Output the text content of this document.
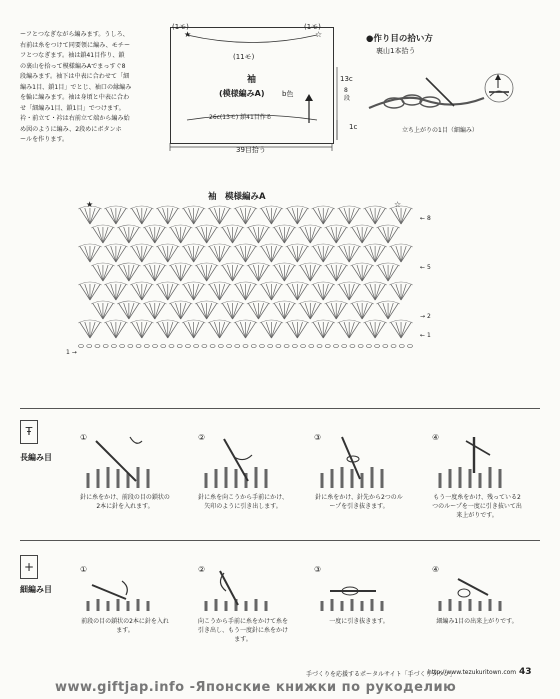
ーフとつなぎながら編みます。うしろ、
右前は糸をつけて同要領に編み、モチー
フとつなぎます。袖は鎖41目作り、鎖
の裏山を拾って模様編みAでまっすぐ8
段編みます。袖下は中表に合わせて「細
編み1目、鎖1目」でとじ、袖口の縁編み
を輪に編みます。袖は身頃と中表に合わ
せ「細編み1目、鎖1目」でつけます。
衿・前立て・衿は右前立て端から編み始
め図のように編み、2段めにボタンホ
ールを作ります。
★	☆
(11モ)
袖
(模様編みA) b色
26c(13モ) 鎖41目作る
(1モ)	(1モ)
13c
8段
1c
39目拾う
●作り目の拾い方
裏山1本拾う
立ち上がりの1目（細編み）
袖　模様編みA
★	☆
← 8
← 5
→ 2
← 1
1 →
Ŧ
長編み目
①
針に糸をかけ、前段の目の鎖状の2本に針を入れます。
②
針に糸を向こうから手前にかけ、矢印のように引き出します。
③
針に糸をかけ、針先から2つのループを引き抜きます。
④
もう一度糸をかけ、残っている2つのループを一度に引き抜いて出来上がりです。
+
細編み目
①
前段の目の鎖状の2本に針を入れます。
②
向こうから手前に糸をかけて糸を引き出し、もう一度針に糸をかけます。
③
一度に引き抜きます。
④
細編み1目の出来上がりです。
手づくりを応援するポータルサイト「手づくりタウン」
http://www.tezukuritown.com 43
www.giftjap.info -Японские книжки по рукоделию
